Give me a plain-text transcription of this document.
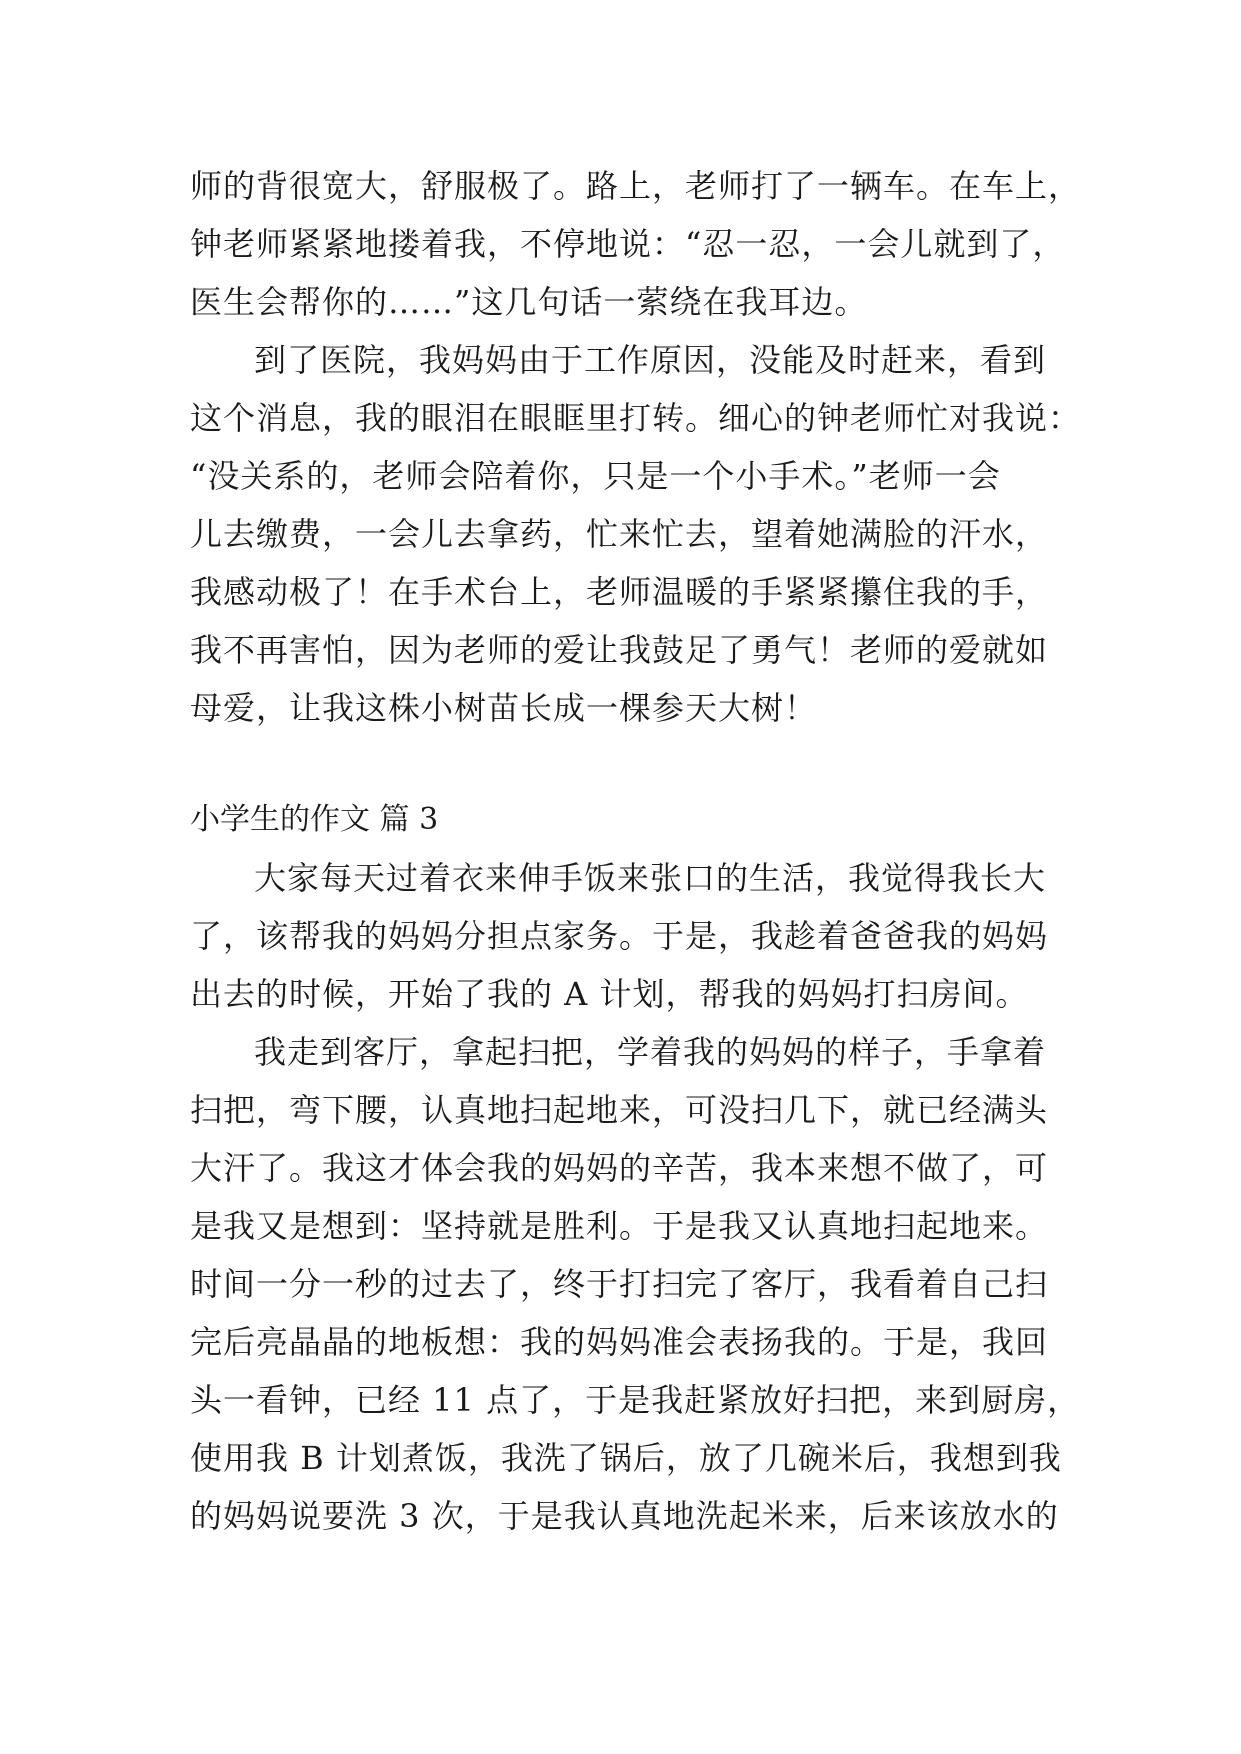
师的背很宽大，舒服极了。路上，老师打了一辆车。在车上，
钟老师紧紧地搂着我，不停地说：“忍一忍，一会儿就到了，
医生会帮你的……”这几句话一萦绕在我耳边。
到了医院，我妈妈由于工作原因，没能及时赶来，看到
这个消息，我的眼泪在眼眶里打转。细心的钟老师忙对我说：
“没关系的，老师会陪着你，只是一个小手术。”老师一会
儿去缴费，一会儿去拿药，忙来忙去，望着她满脸的汗水，
我感动极了！在手术台上，老师温暖的手紧紧攥住我的手，
我不再害怕，因为老师的爱让我鼓足了勇气！老师的爱就如
母爱，让我这株小树苗长成一棵参天大树！
小学生的作文 篇 3
大家每天过着衣来伸手饭来张口的生活，我觉得我长大
了，该帮我的妈妈分担点家务。于是，我趁着爸爸我的妈妈
出去的时候，开始了我的 A 计划，帮我的妈妈打扫房间。
我走到客厅，拿起扫把，学着我的妈妈的样子，手拿着
扫把，弯下腰，认真地扫起地来，可没扫几下，就已经满头
大汗了。我这才体会我的妈妈的辛苦，我本来想不做了，可
是我又是想到：坚持就是胜利。于是我又认真地扫起地来。
时间一分一秒的过去了，终于打扫完了客厅，我看着自己扫
完后亮晶晶的地板想：我的妈妈准会表扬我的。于是，我回
头一看钟，已经 11 点了，于是我赶紧放好扫把，来到厨房，
使用我 B 计划煮饭，我洗了锅后，放了几碗米后，我想到我
的妈妈说要洗 3 次，于是我认真地洗起米来，后来该放水的
